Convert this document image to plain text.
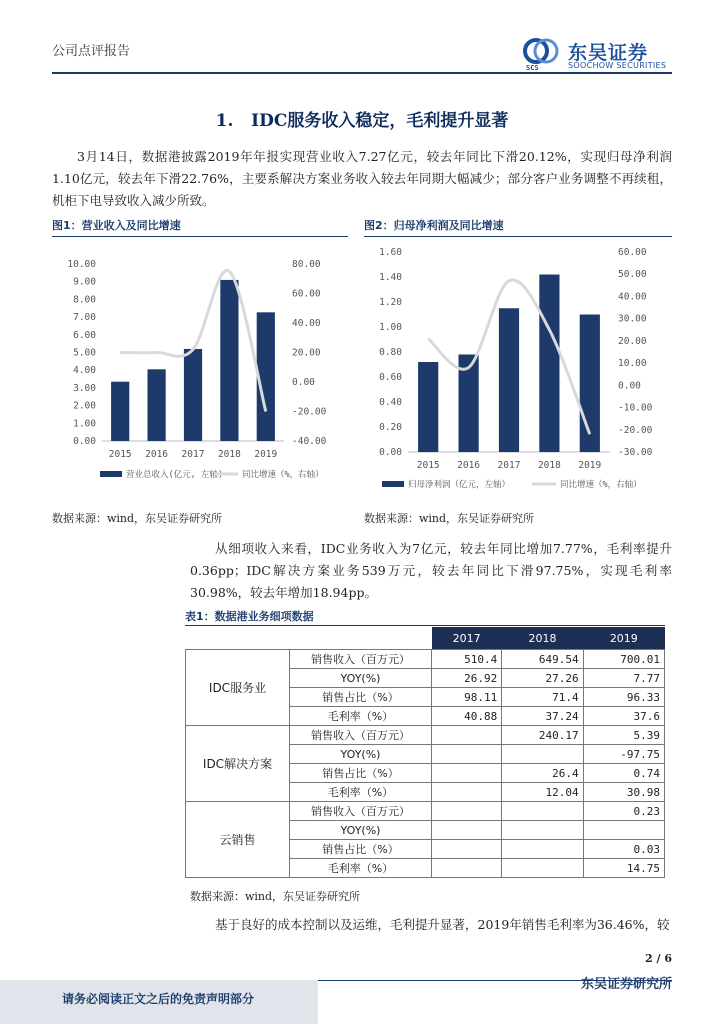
公司点评报告
SCS
东吴证券
SOOCHOW SECURITIES
1. IDC服务收入稳定，毛利提升显著
3月14日，数据港披露2019年年报实现营业收入7.27亿元，较去年同比下滑20.12%，实现归母净利润1.10亿元，较去年下滑22.76%，主要系解决方案业务收入较去年同期大幅减少；部分客户业务调整不再续租，机柜下电导致收入减少所致。
图1：营业收入及同比增速
10.00
9.00
8.00
7.00
6.00
5.00
4.00
3.00
2.00
1.00
0.00
80.00
60.00
40.00
20.00
0.00
-20.00
-40.00
2015 2016 2017 2018 2019
营业总收入(亿元, 左轴) 同比增速（%，右轴）
数据来源：wind，东吴证券研究所
图2：归母净利润及同比增速
1.60
1.40
1.20
1.00
0.80
0.60
0.40
0.20
0.00
60.00
50.00
40.00
30.00
20.00
10.00
0.00
-10.00
-20.00
-30.00
2015 2016 2017 2018 2019
归母净利润（亿元，左轴）	同比增速（%，右轴）
数据来源：wind，东吴证券研究所
从细项收入来看，IDC业务收入为7亿元，较去年同比增加7.77%，毛利率提升0.36pp；IDC解决方案业务539万元，较去年同比下滑97.75%，实现毛利率30.98%，较去年增加18.94pp。
表1：数据港业务细项数据
		2017	2018	2019
IDC服务业	销售收入（百万元）	510.4	649.54	700.01
	YOY(%)	26.92	27.26	7.77
	销售占比（%）	98.11	71.4	96.33
	毛利率（%）	40.88	37.24	37.6
IDC解决方案	销售收入（百万元）		240.17	5.39
	YOY(%)			-97.75
	销售占比（%）		26.4	0.74
	毛利率（%）		12.04	30.98
云销售	销售收入（百万元）			0.23
	YOY(%)			
	销售占比（%）			0.03
	毛利率（%）			14.75
数据来源：wind，东吴证券研究所
基于良好的成本控制以及运维，毛利提升显著，2019年销售毛利率为36.46%，较
2 / 6
请务必阅读正文之后的免责声明部分
东吴证券研究所
